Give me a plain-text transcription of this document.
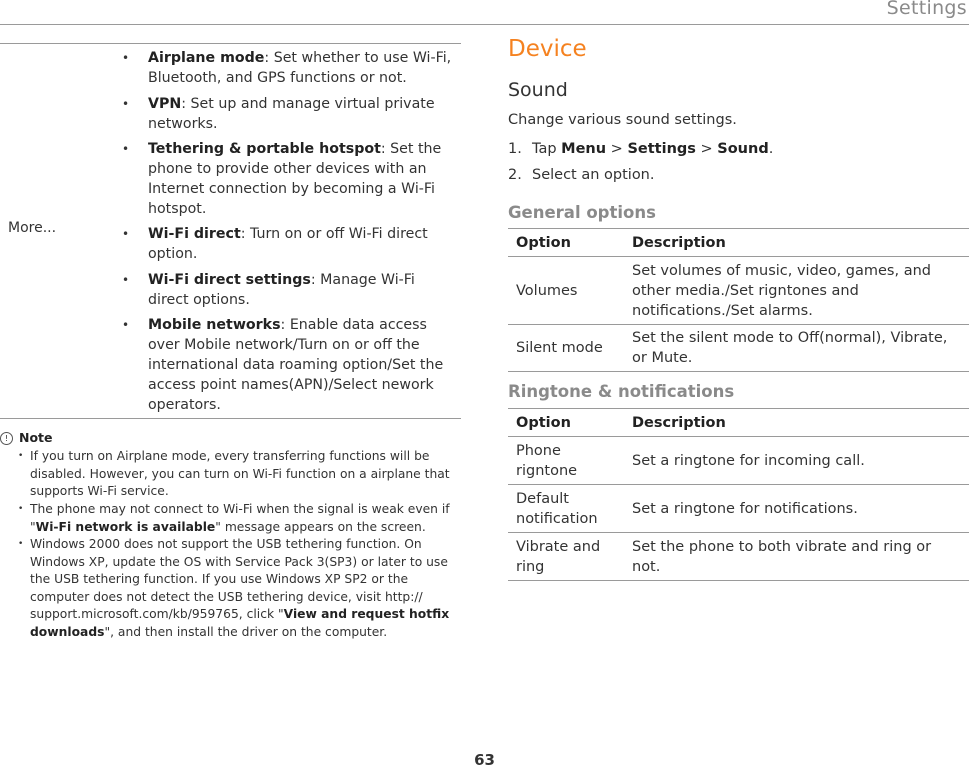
Settings
More...
• Airplane mode: Set whether to use Wi-Fi, Bluetooth, and GPS functions or not.
• VPN: Set up and manage virtual private networks.
• Tethering & portable hotspot: Set the phone to provide other devices with an Internet connection by becoming a Wi-Fi hotspot.
• Wi-Fi direct: Turn on or off Wi-Fi direct option.
• Wi-Fi direct settings: Manage Wi-Fi direct options.
• Mobile networks: Enable data access over Mobile network/Turn on or off the international data roaming option/Set the access point names(APN)/Select nework operators.
! Note
• If you turn on Airplane mode, every transferring functions will be disabled. However, you can turn on Wi-Fi function on a airplane that supports Wi-Fi service.
• The phone may not connect to Wi-Fi when the signal is weak even if "Wi-Fi network is available" message appears on the screen.
• Windows 2000 does not support the USB tethering function. On Windows XP, update the OS with Service Pack 3(SP3) or later to use the USB tethering function. If you use Windows XP SP2 or the computer does not detect the USB tethering device, visit http:// support.microsoft.com/kb/959765, click "View and request hotfix downloads", and then install the driver on the computer.
Device
Sound
Change various sound settings.
1. Tap Menu > Settings > Sound.
2. Select an option.
General options
Option	Description
Volumes	Set volumes of music, video, games, and other media./Set rigntones and notifications./Set alarms.
Silent mode	Set the silent mode to Off(normal), Vibrate, or Mute.
Ringtone & notifications
Option	Description
Phone rigntone	Set a ringtone for incoming call.
Default notification	Set a ringtone for notifications.
Vibrate and ring	Set the phone to both vibrate and ring or not.
63
